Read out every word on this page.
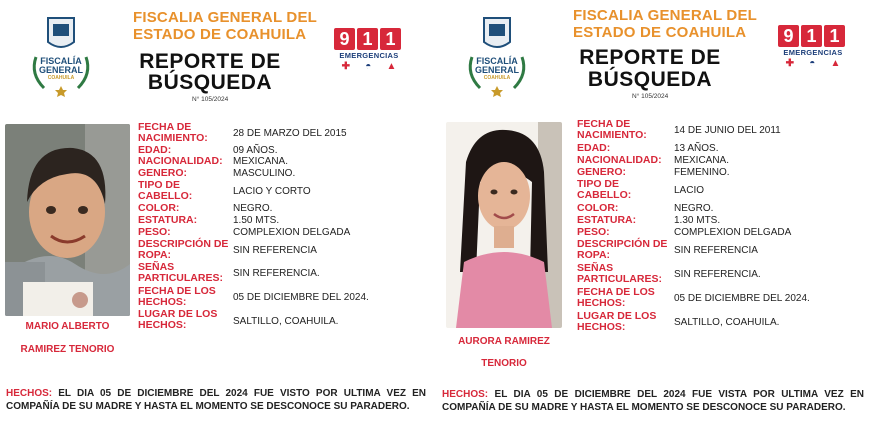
FISCALÍA
GENERAL
COAHUILA
FISCALIA GENERAL DEL
ESTADO DE COAHUILA
REPORTE DE
BÚSQUEDA
N° 105/2024
9 1 1
EMERGENCIAS
✚ ◓ ▲
MARIO ALBERTO
RAMIREZ TENORIO
FECHA DE
NACIMIENTO:	28 DE MARZO DEL 2015
EDAD:	09 AÑOS.
NACIONALIDAD: MEXICANA.
GENERO:	MASCULINO.
TIPO DE
CABELLO:	LACIO Y CORTO
COLOR:	NEGRO.
ESTATURA:	1.50 MTS.
PESO:	COMPLEXION DELGADA
DESCRIPCIÓN DE
ROPA:	SIN REFERENCIA
SEÑAS
PARTICULARES: SIN REFERENCIA.
FECHA DE LOS
HECHOS:	05 DE DICIEMBRE DEL 2024.
LUGAR DE LOS
HECHOS:	SALTILLO, COAHUILA.
HECHOS: EL DIA 05 DE DICIEMBRE DEL 2024 FUE VISTO POR ULTIMA VEZ EN COMPAÑÍA DE SU MADRE Y HASTA EL MOMENTO SE DESCONOCE SU PARADERO.
FISCALÍA
GENERAL
COAHUILA
FISCALIA GENERAL DEL
ESTADO DE COAHUILA
REPORTE DE
BÚSQUEDA
N° 105/2024
9 1 1
EMERGENCIAS
✚ ◓ ▲
AURORA RAMIREZ
TENORIO
FECHA DE
NACIMIENTO:	14 DE JUNIO DEL 2011
EDAD:	13 AÑOS.
NACIONALIDAD: MEXICANA.
GENERO:	FEMENINO.
TIPO DE
CABELLO:	LACIO
COLOR:	NEGRO.
ESTATURA:	1.30 MTS.
PESO:	COMPLEXION DELGADA
DESCRIPCIÓN DE
ROPA:	SIN REFERENCIA
SEÑAS
PARTICULARES: SIN REFERENCIA.
FECHA DE LOS
HECHOS:	05 DE DICIEMBRE DEL 2024.
LUGAR DE LOS
HECHOS:	SALTILLO, COAHUILA.
HECHOS: EL DIA 05 DE DICIEMBRE DEL 2024 FUE VISTA POR ULTIMA VEZ EN COMPAÑÍA DE SU MADRE Y HASTA EL MOMENTO SE DESCONOCE SU PARADERO.
